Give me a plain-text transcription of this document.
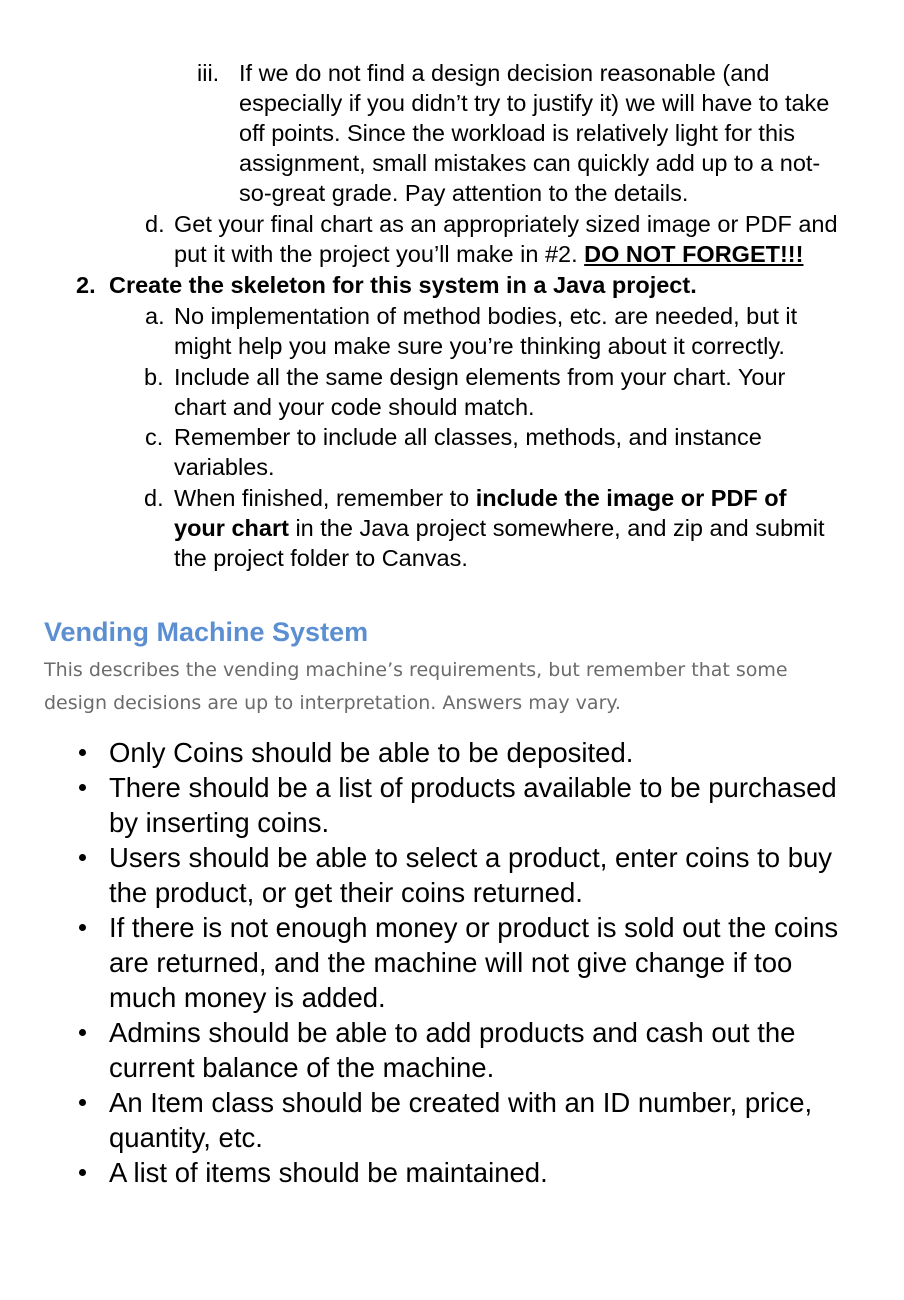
iii. If we do not find a design decision reasonable (and
especially if you didn’t try to justify it) we will have to take
off points. Since the workload is relatively light for this
assignment, small mistakes can quickly add up to a not-
so-great grade. Pay attention to the details.
d. Get your final chart as an appropriately sized image or PDF and
put it with the project you’ll make in #2. DO NOT FORGET!!!
2. Create the skeleton for this system in a Java project.
a. No implementation of method bodies, etc. are needed, but it
might help you make sure you’re thinking about it correctly.
b. Include all the same design elements from your chart. Your
chart and your code should match.
c. Remember to include all classes, methods, and instance
variables.
d. When finished, remember to include the image or PDF of
your chart in the Java project somewhere, and zip and submit
the project folder to Canvas.
Vending Machine System
This describes the vending machine’s requirements, but remember that some
design decisions are up to interpretation. Answers may vary.
Only Coins should be able to be deposited.
There should be a list of products available to be purchased
by inserting coins.
Users should be able to select a product, enter coins to buy
the product, or get their coins returned.
If there is not enough money or product is sold out the coins
are returned, and the machine will not give change if too
much money is added.
Admins should be able to add products and cash out the
current balance of the machine.
An Item class should be created with an ID number, price,
quantity, etc.
A list of items should be maintained.
